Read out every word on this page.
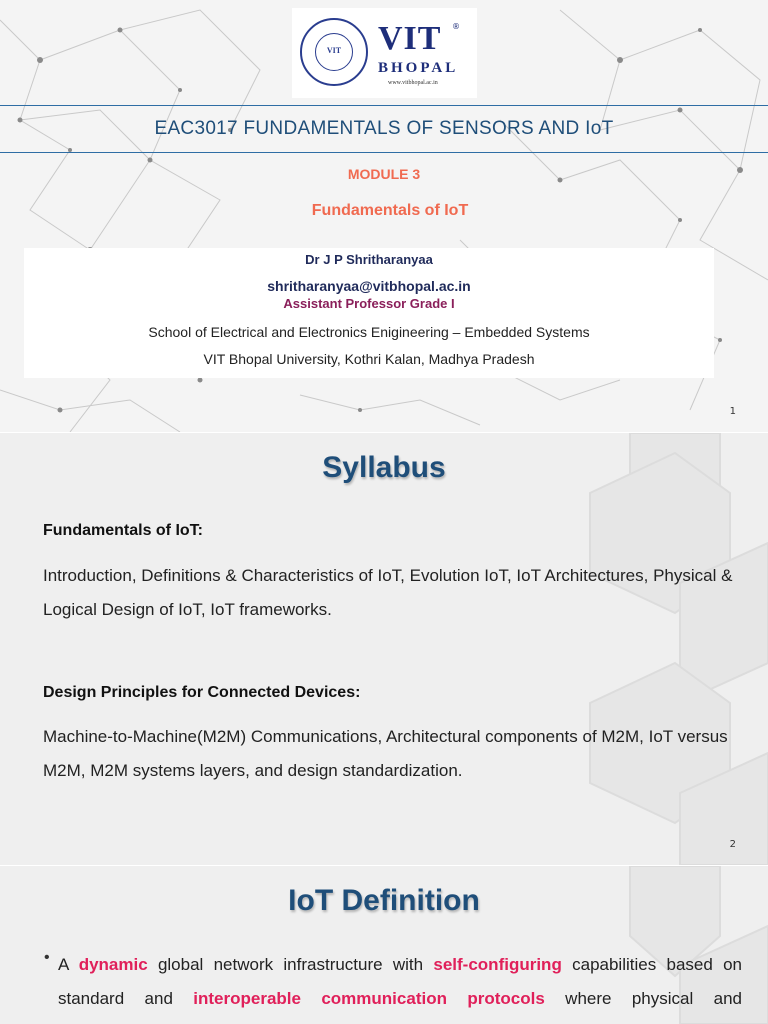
VIT	VIT ®
BHOPAL
www.vitbhopal.ac.in
EAC3017 FUNDAMENTALS OF SENSORS AND IoT
MODULE 3
Fundamentals of IoT
Dr J P Shritharanyaa
shritharanyaa@vitbhopal.ac.in
Assistant Professor Grade I
School of Electrical and Electronics Enigineering – Embedded Systems
VIT Bhopal University, Kothri Kalan, Madhya Pradesh
1
Syllabus
Fundamentals of IoT:
Introduction, Definitions & Characteristics of IoT, Evolution IoT, IoT Architectures, Physical & Logical Design of IoT, IoT frameworks.
Design Principles for Connected Devices:
Machine-to-Machine(M2M) Communications, Architectural components of M2M, IoT versus M2M, M2M systems layers, and design standardization.
2
IoT Definition
• A dynamic global network infrastructure with self-configuring capabilities based on standard and interoperable communication protocols where physical and
